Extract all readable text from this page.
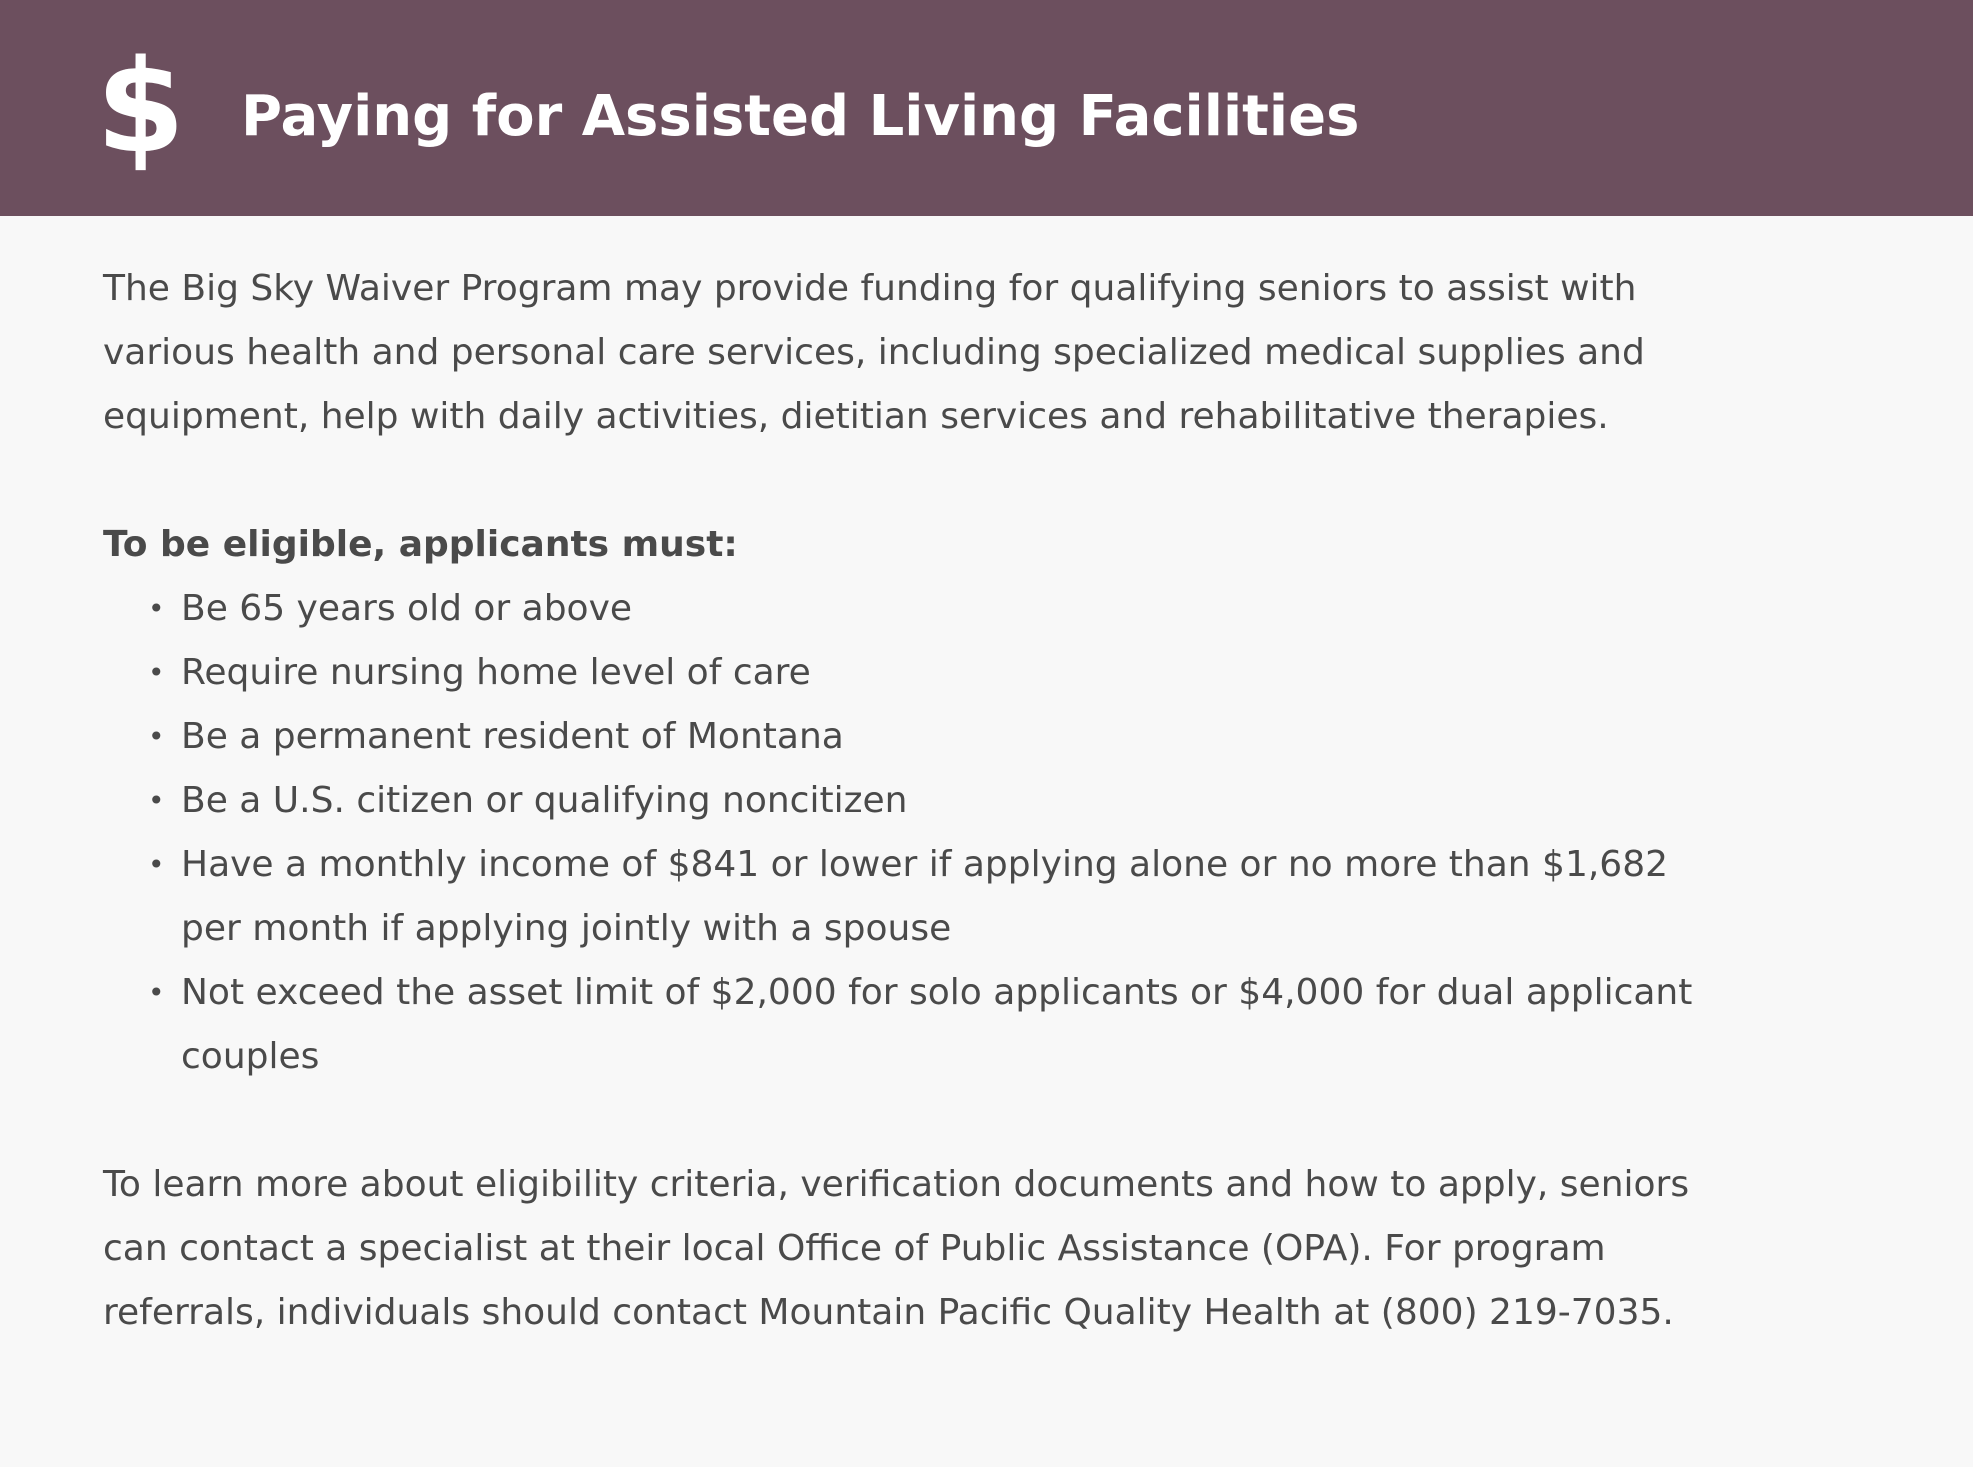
$ Paying for Assisted Living Facilities

The Big Sky Waiver Program may provide funding for qualifying seniors to assist with
various health and personal care services, including specialized medical supplies and
equipment, help with daily activities, dietitian services and rehabilitative therapies.

To be eligible, applicants must:

• Be 65 years old or above
• Require nursing home level of care
• Be a permanent resident of Montana
• Be a U.S. citizen or qualifying noncitizen
• Have a monthly income of $841 or lower if applying alone or no more than $1,682
per month if applying jointly with a spouse
• Not exceed the asset limit of $2,000 for solo applicants or $4,000 for dual applicant
couples

To learn more about eligibility criteria, verification documents and how to apply, seniors
can contact a specialist at their local Office of Public Assistance (OPA). For program
referrals, individuals should contact Mountain Pacific Quality Health at (800) 219-7035.
